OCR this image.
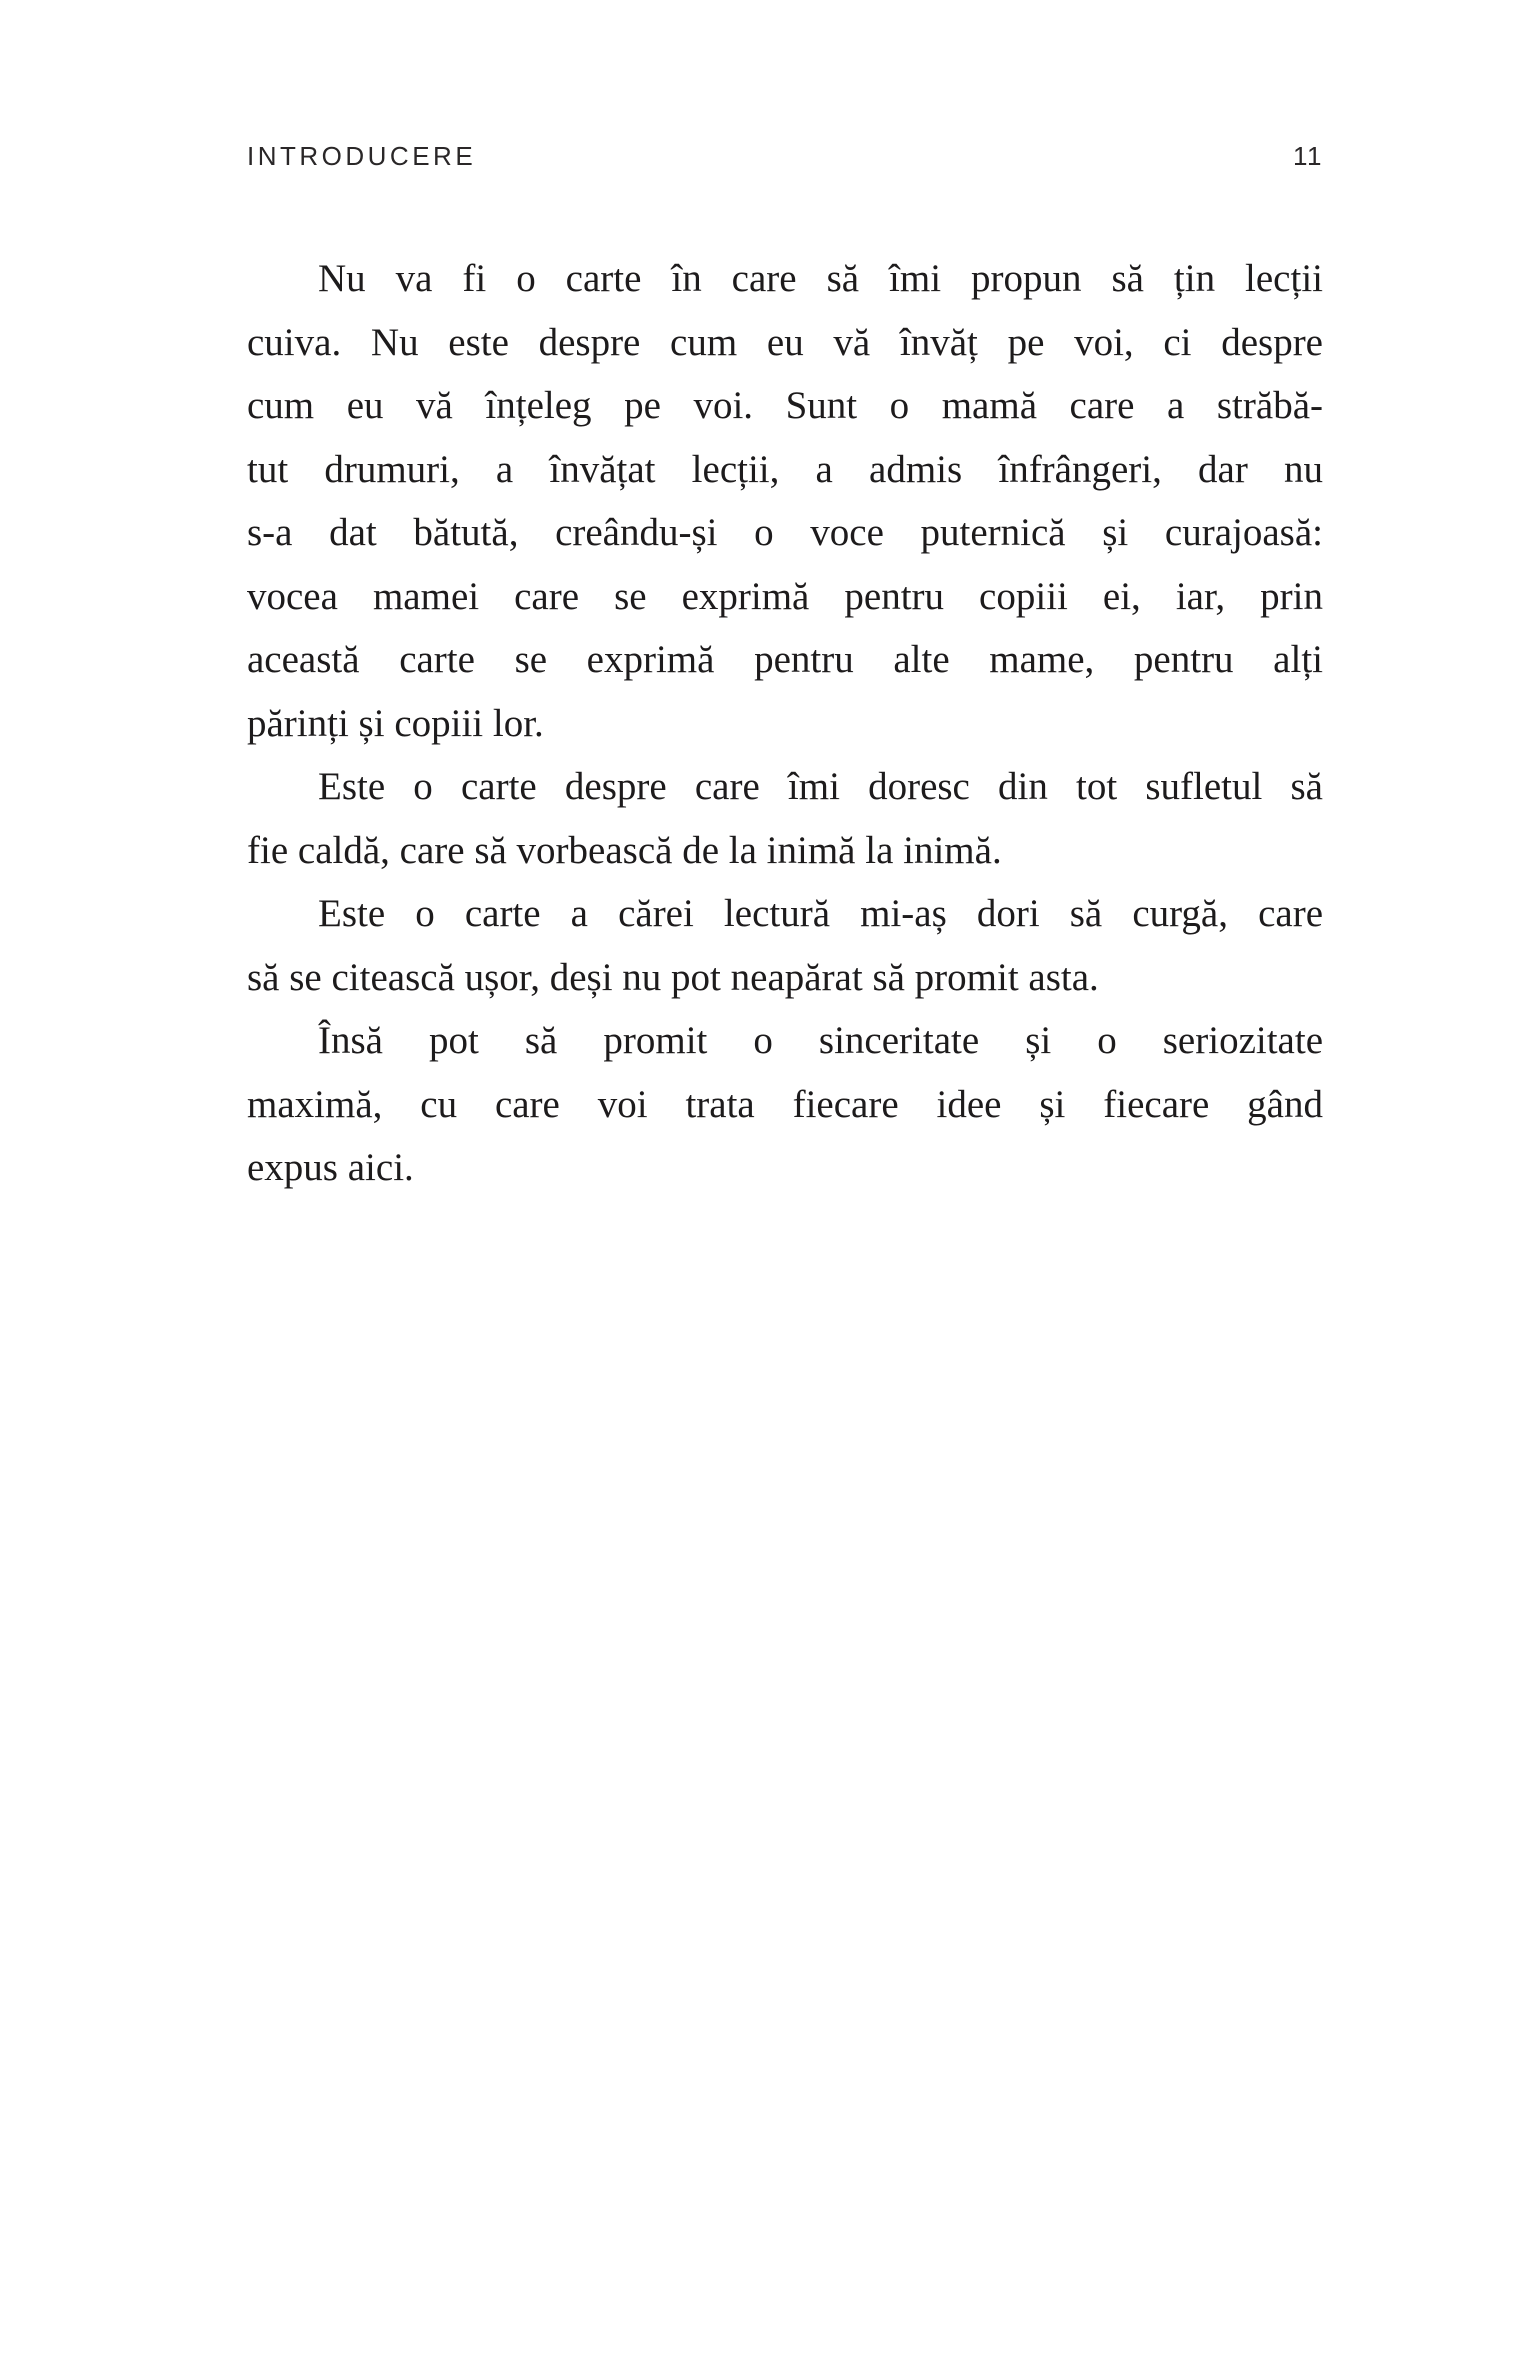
INTRODUCERE	11
Nu va fi o carte în care să îmi propun să țin lecții
cuiva. Nu este despre cum eu vă învăț pe voi, ci despre
cum eu vă înțeleg pe voi. Sunt o mamă care a străbă-
tut drumuri, a învățat lecții, a admis înfrângeri, dar nu
s-a dat bătută, creându-și o voce puternică și curajoasă:
vocea mamei care se exprimă pentru copiii ei, iar, prin
această carte se exprimă pentru alte mame, pentru alți
părinți și copiii lor.
Este o carte despre care îmi doresc din tot sufletul să
fie caldă, care să vorbească de la inimă la inimă.
Este o carte a cărei lectură mi-aș dori să curgă, care
să se citească ușor, deși nu pot neapărat să promit asta.
Însă pot să promit o sinceritate și o seriozitate
maximă, cu care voi trata fiecare idee și fiecare gând
expus aici.
